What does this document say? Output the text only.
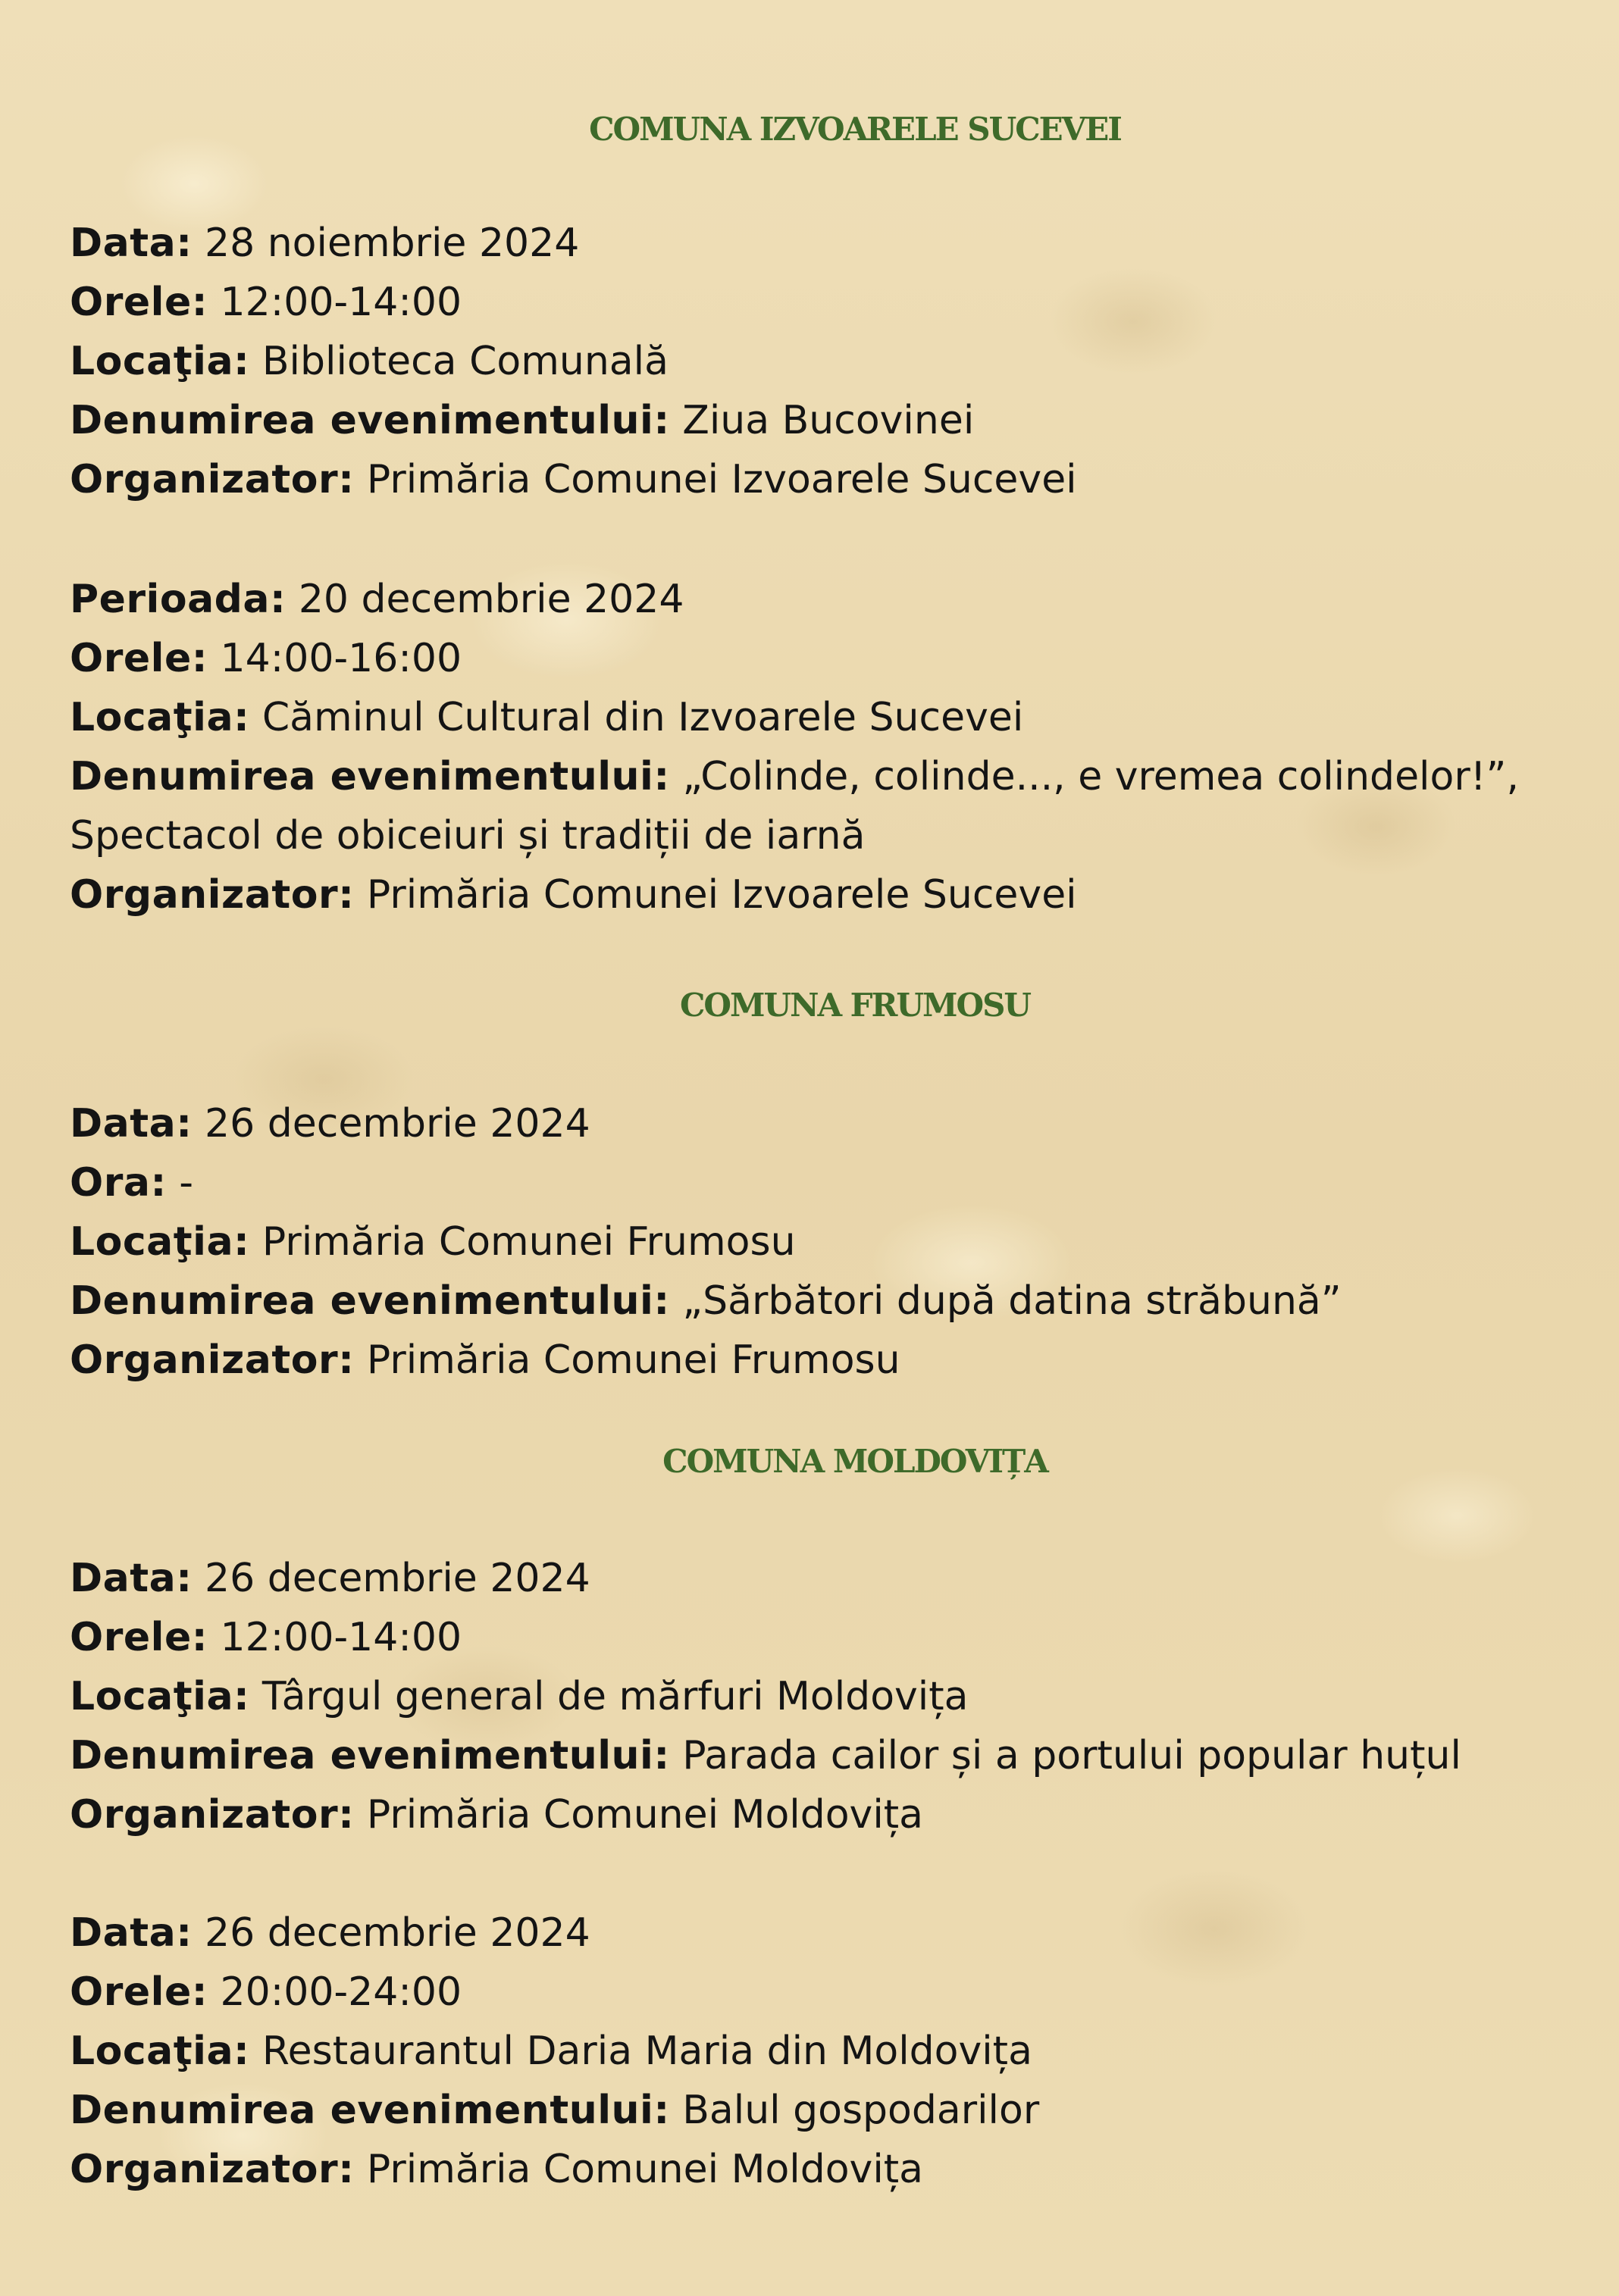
COMUNA IZVOARELE SUCEVEI
Data: 28 noiembrie 2024
Orele: 12:00-14:00
Locaţia: Biblioteca Comunală
Denumirea evenimentului: Ziua Bucovinei
Organizator: Primăria Comunei Izvoarele Sucevei
Perioada: 20 decembrie 2024
Orele: 14:00-16:00
Locaţia: Căminul Cultural din Izvoarele Sucevei
Denumirea evenimentului: „Colinde, colinde..., e vremea colindelor!”,
Spectacol de obiceiuri și tradiții de iarnă
Organizator: Primăria Comunei Izvoarele Sucevei
COMUNA FRUMOSU
Data: 26 decembrie 2024
Ora: -
Locaţia: Primăria Comunei Frumosu
Denumirea evenimentului: „Sărbători după datina străbună”
Organizator: Primăria Comunei Frumosu
COMUNA MOLDOVIȚA
Data: 26 decembrie 2024
Orele: 12:00-14:00
Locaţia: Târgul general de mărfuri Moldovița
Denumirea evenimentului: Parada cailor și a portului popular huțul
Organizator: Primăria Comunei Moldovița
Data: 26 decembrie 2024
Orele: 20:00-24:00
Locaţia: Restaurantul Daria Maria din Moldovița
Denumirea evenimentului: Balul gospodarilor
Organizator: Primăria Comunei Moldovița
